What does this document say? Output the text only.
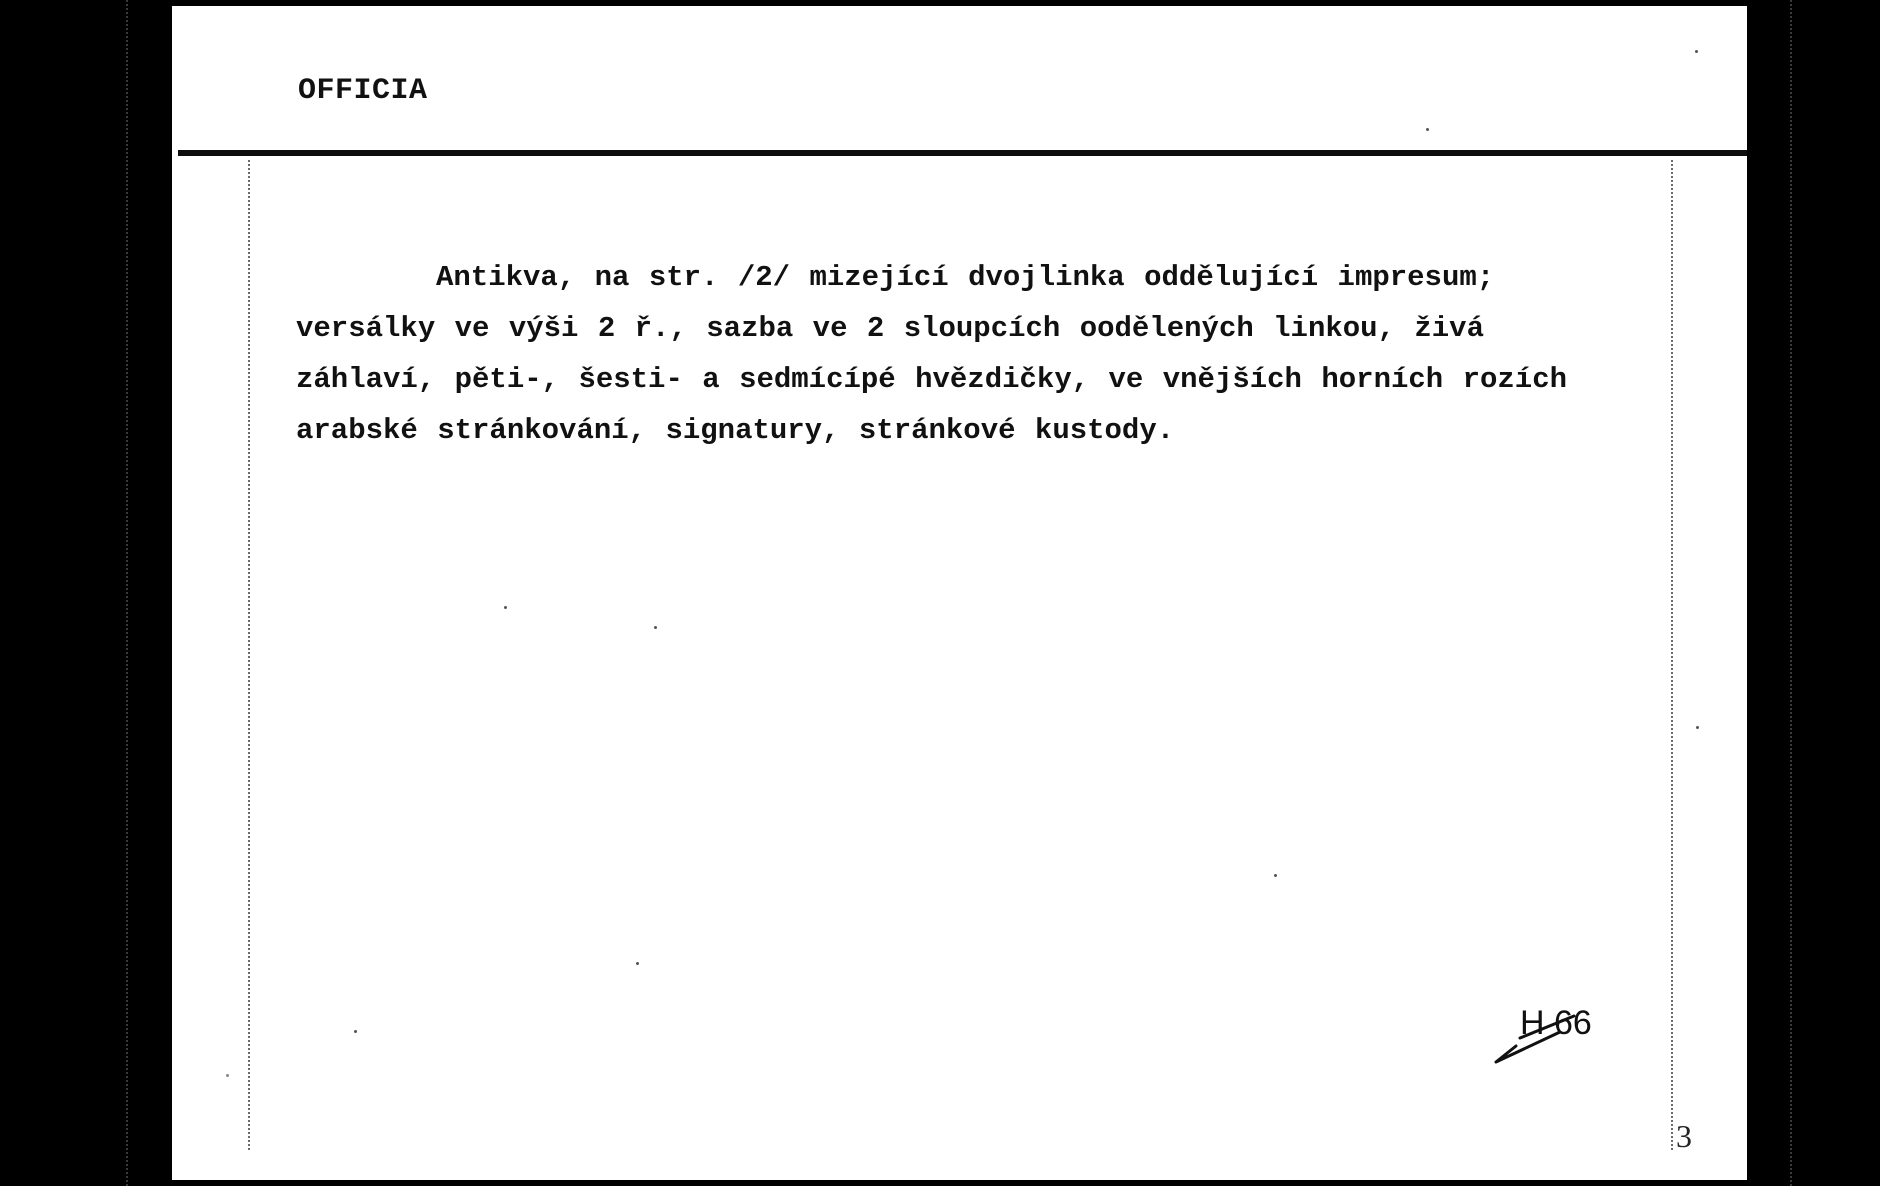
OFFICIA
Antikva, na str. /2/ mizející dvojlinka oddělující impresum; versálky ve výši 2 ř., sazba ve 2 sloupcích oodělených linkou, živá záhlaví, pěti-, šesti- a sedmícípé hvězdičky, ve vnějších horních rozích arabské stránkování, signatury, stránkové kustody.
H 66
3
